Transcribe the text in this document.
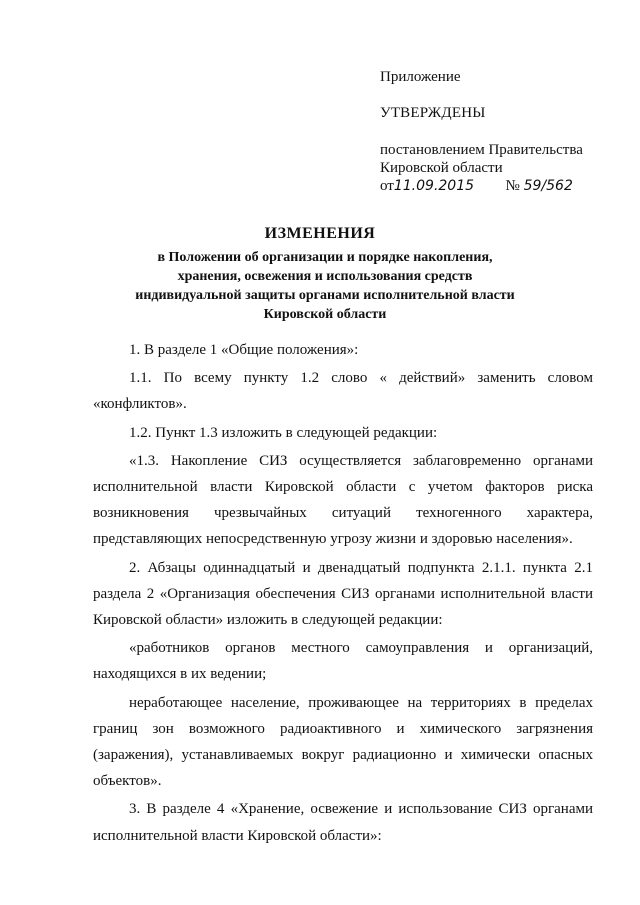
Приложение
УТВЕРЖДЕНЫ
постановлением Правительства
Кировской области
от11.09.2015 № 59/562
ИЗМЕНЕНИЯ
в Положении об организации и порядке накопления,
хранения, освежения и использования средств
индивидуальной защиты органами исполнительной власти
Кировской области

1. В разделе 1 «Общие положения»:

1.1. По всему пункту 1.2 слово « действий» заменить словом «конфликтов».

1.2. Пункт 1.3 изложить в следующей редакции:

«1.3. Накопление СИЗ осуществляется заблаговременно органами исполнительной власти Кировской области с учетом факторов риска возникновения чрезвычайных ситуаций техногенного характера, представляющих непосредственную угрозу жизни и здоровью населения».

2. Абзацы одиннадцатый и двенадцатый подпункта 2.1.1. пункта 2.1 раздела 2 «Организация обеспечения СИЗ органами исполнительной власти Кировской области» изложить в следующей редакции:

«работников органов местного самоуправления и организаций, находящихся в их ведении;

неработающее население, проживающее на территориях в пределах границ зон возможного радиоактивного и химического загрязнения (заражения), устанавливаемых вокруг радиационно и химически опасных объектов».

3. В разделе 4 «Хранение, освежение и использование СИЗ органами исполнительной власти Кировской области»:
